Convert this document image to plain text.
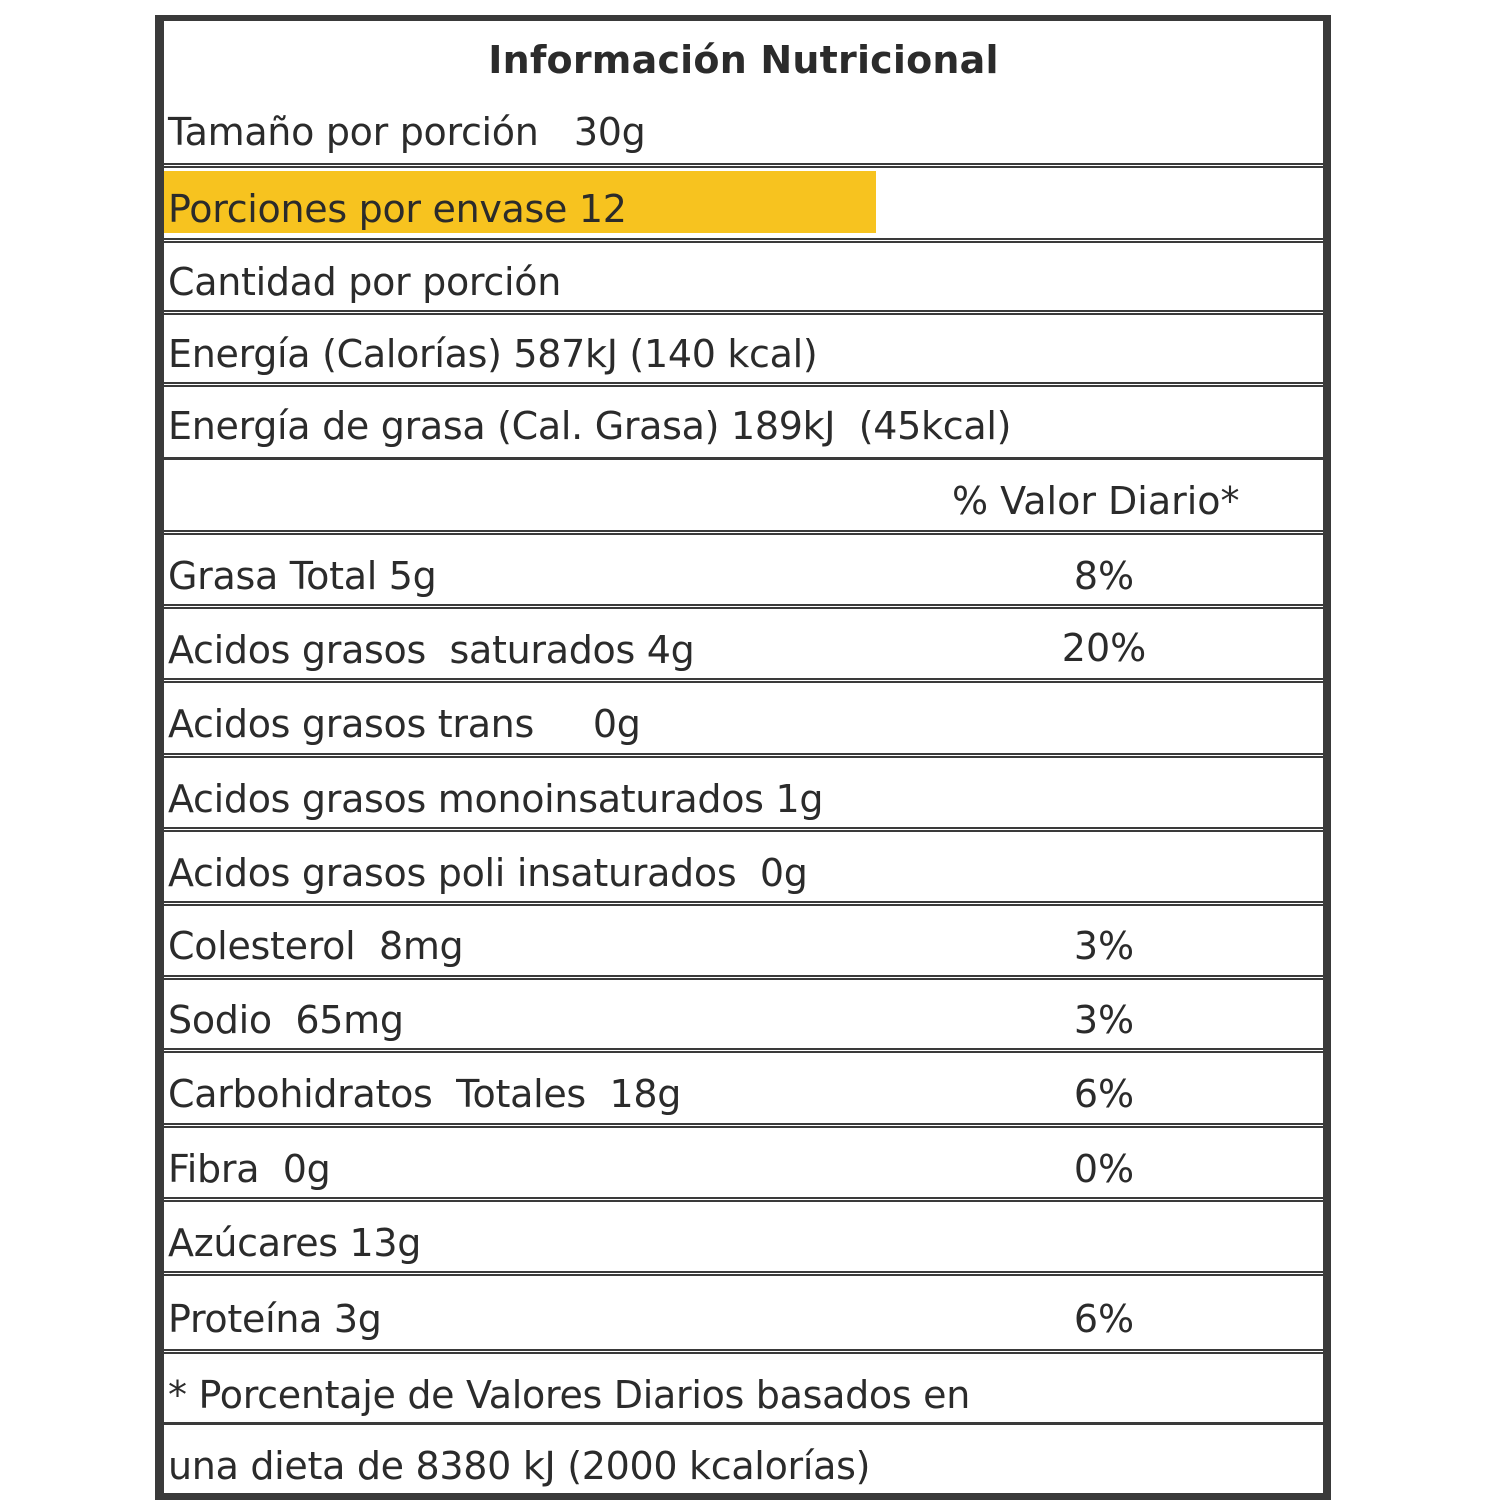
Información Nutricional
Tamaño por porción   30g
Porciones por envase 12
Cantidad por porción
Energía (Calorías) 587kJ (140 kcal)
Energía de grasa (Cal. Grasa) 189kJ  (45kcal)
% Valor Diario*
Grasa Total 5g	8%
Acidos grasos  saturados 4g	20%
Acidos grasos trans     0g
Acidos grasos monoinsaturados 1g
Acidos grasos poli insaturados  0g
Colesterol  8mg	3%
Sodio  65mg	3%
Carbohidratos  Totales  18g	6%
Fibra  0g	0%
Azúcares 13g
Proteína 3g	6%
* Porcentaje de Valores Diarios basados en
una dieta de 8380 kJ (2000 kcalorías)
